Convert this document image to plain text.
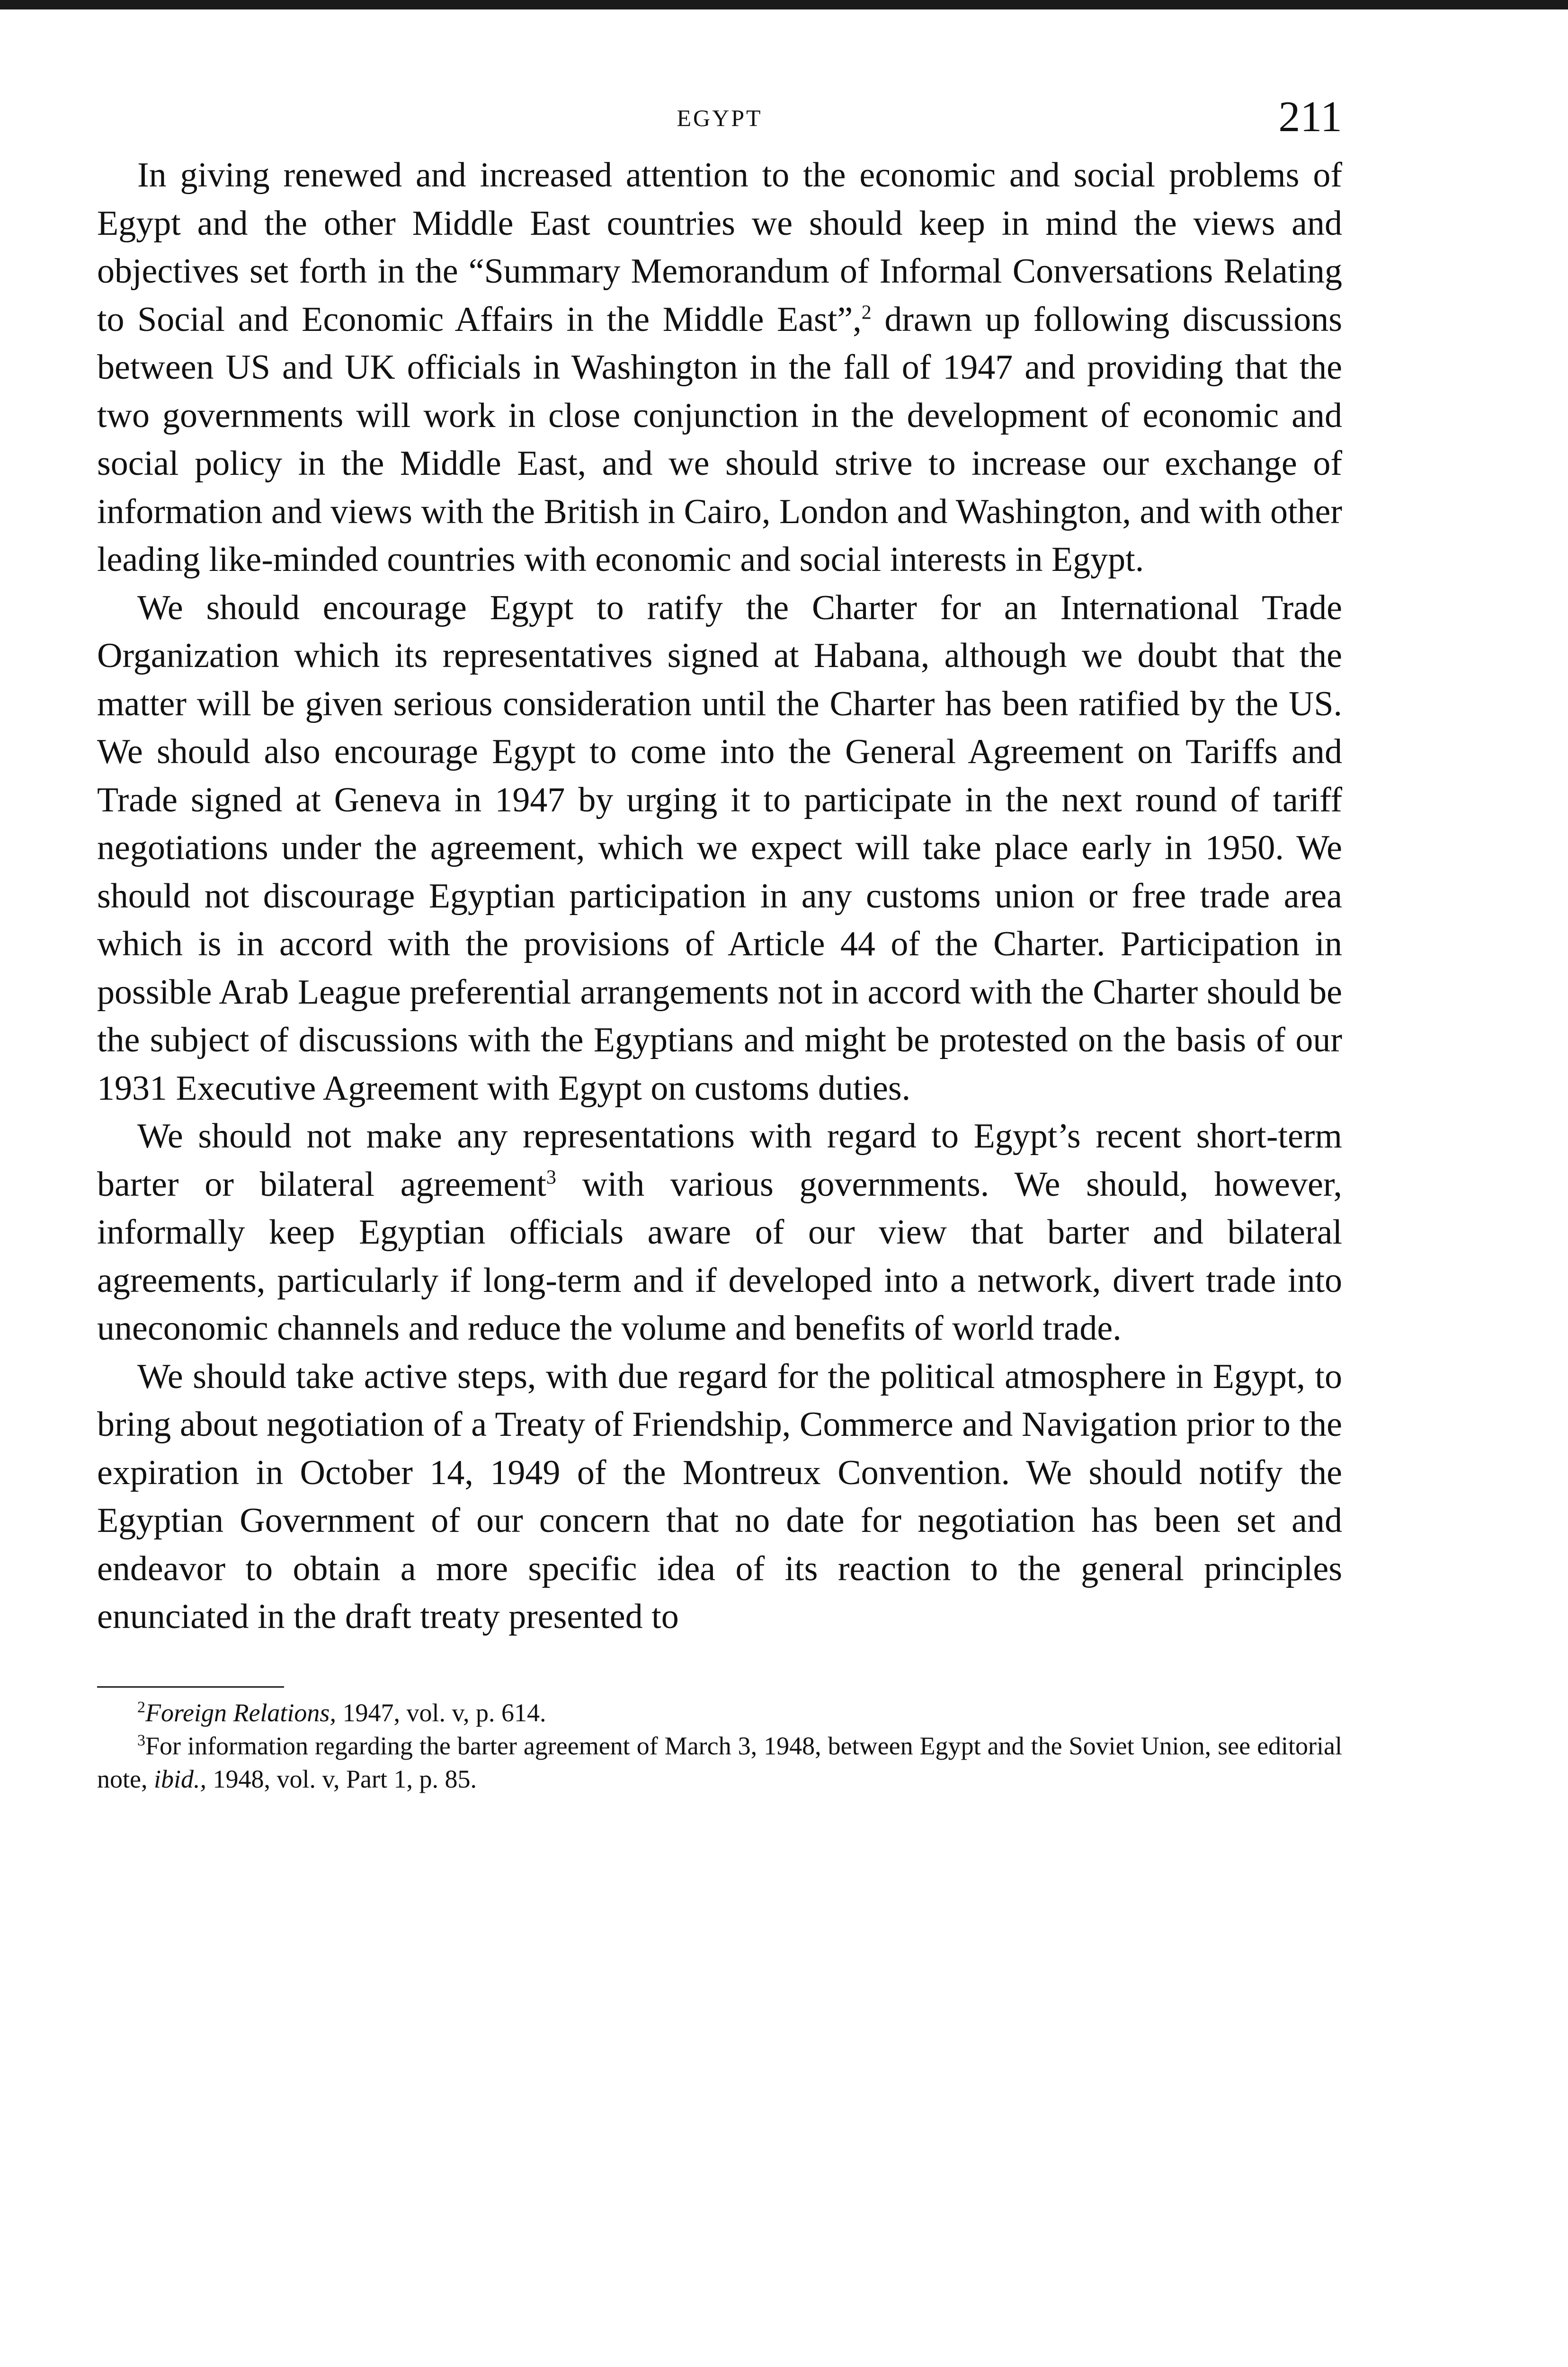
EGYPT	211

In giving renewed and increased attention to the economic and social problems of Egypt and the other Middle East countries we should keep in mind the views and objectives set forth in the “Summary Memorandum of Informal Conversations Relating to Social and Economic Affairs in the Middle East”,$^2$ drawn up following discussions between US and UK officials in Washington in the fall of 1947 and providing that the two governments will work in close conjunction in the development of economic and social policy in the Middle East, and we should strive to increase our exchange of information and views with the British in Cairo, London and Washington, and with other leading like-minded countries with economic and social interests in Egypt.

We should encourage Egypt to ratify the Charter for an International Trade Organization which its representatives signed at Habana, although we doubt that the matter will be given serious consideration until the Charter has been ratified by the US. We should also encourage Egypt to come into the General Agreement on Tariffs and Trade signed at Geneva in 1947 by urging it to participate in the next round of tariff negotiations under the agreement, which we expect will take place early in 1950. We should not discourage Egyptian participation in any customs union or free trade area which is in accord with the provisions of Article 44 of the Charter. Participation in possible Arab League preferential arrangements not in accord with the Charter should be the subject of discussions with the Egyptians and might be protested on the basis of our 1931 Executive Agreement with Egypt on customs duties.

We should not make any representations with regard to Egypt’s recent short-term barter or bilateral agreement$^3$ with various governments. We should, however, informally keep Egyptian officials aware of our view that barter and bilateral agreements, particularly if long-term and if developed into a network, divert trade into uneconomic channels and reduce the volume and benefits of world trade.

We should take active steps, with due regard for the political atmosphere in Egypt, to bring about negotiation of a Treaty of Friendship, Commerce and Navigation prior to the expiration in October 14, 1949 of the Montreux Convention. We should notify the Egyptian Government of our concern that no date for negotiation has been set and endeavor to obtain a more specific idea of its reaction to the general principles enunciated in the draft treaty presented to

$^2$Foreign Relations, 1947, vol. v, p. 614.

$^3$For information regarding the barter agreement of March 3, 1948, between Egypt and the Soviet Union, see editorial note, ibid., 1948, vol. v, Part 1, p. 85.
